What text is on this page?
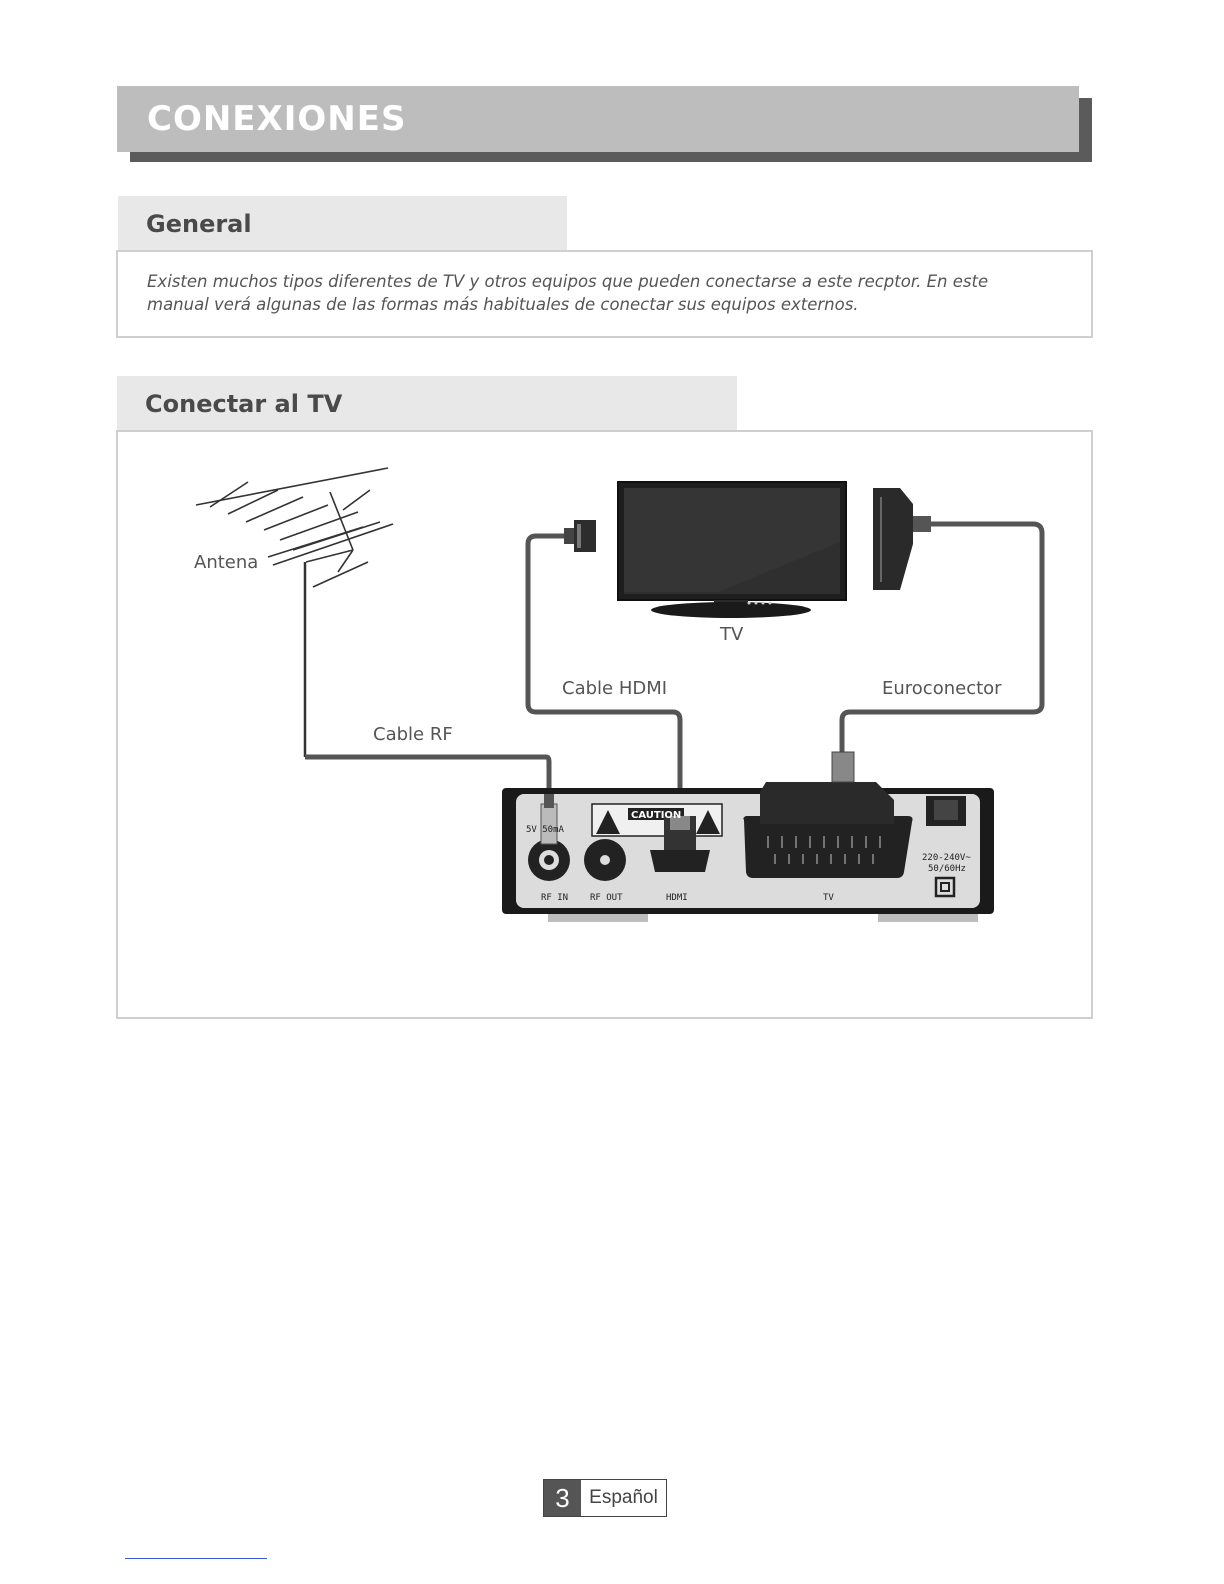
CONEXIONES
General
Existen muchos tipos diferentes de TV y otros equipos que pueden conectarse a este recptor. En este manual verá algunas de las formas más habituales de conectar sus equipos externos.
Conectar al TV
5V 50mA
CAUTION
RF IN RF OUT	HDMI	TV
220-240V~
50/60Hz
Antena
TV
Cable HDMI	Euroconector
Cable RF
3	Español
